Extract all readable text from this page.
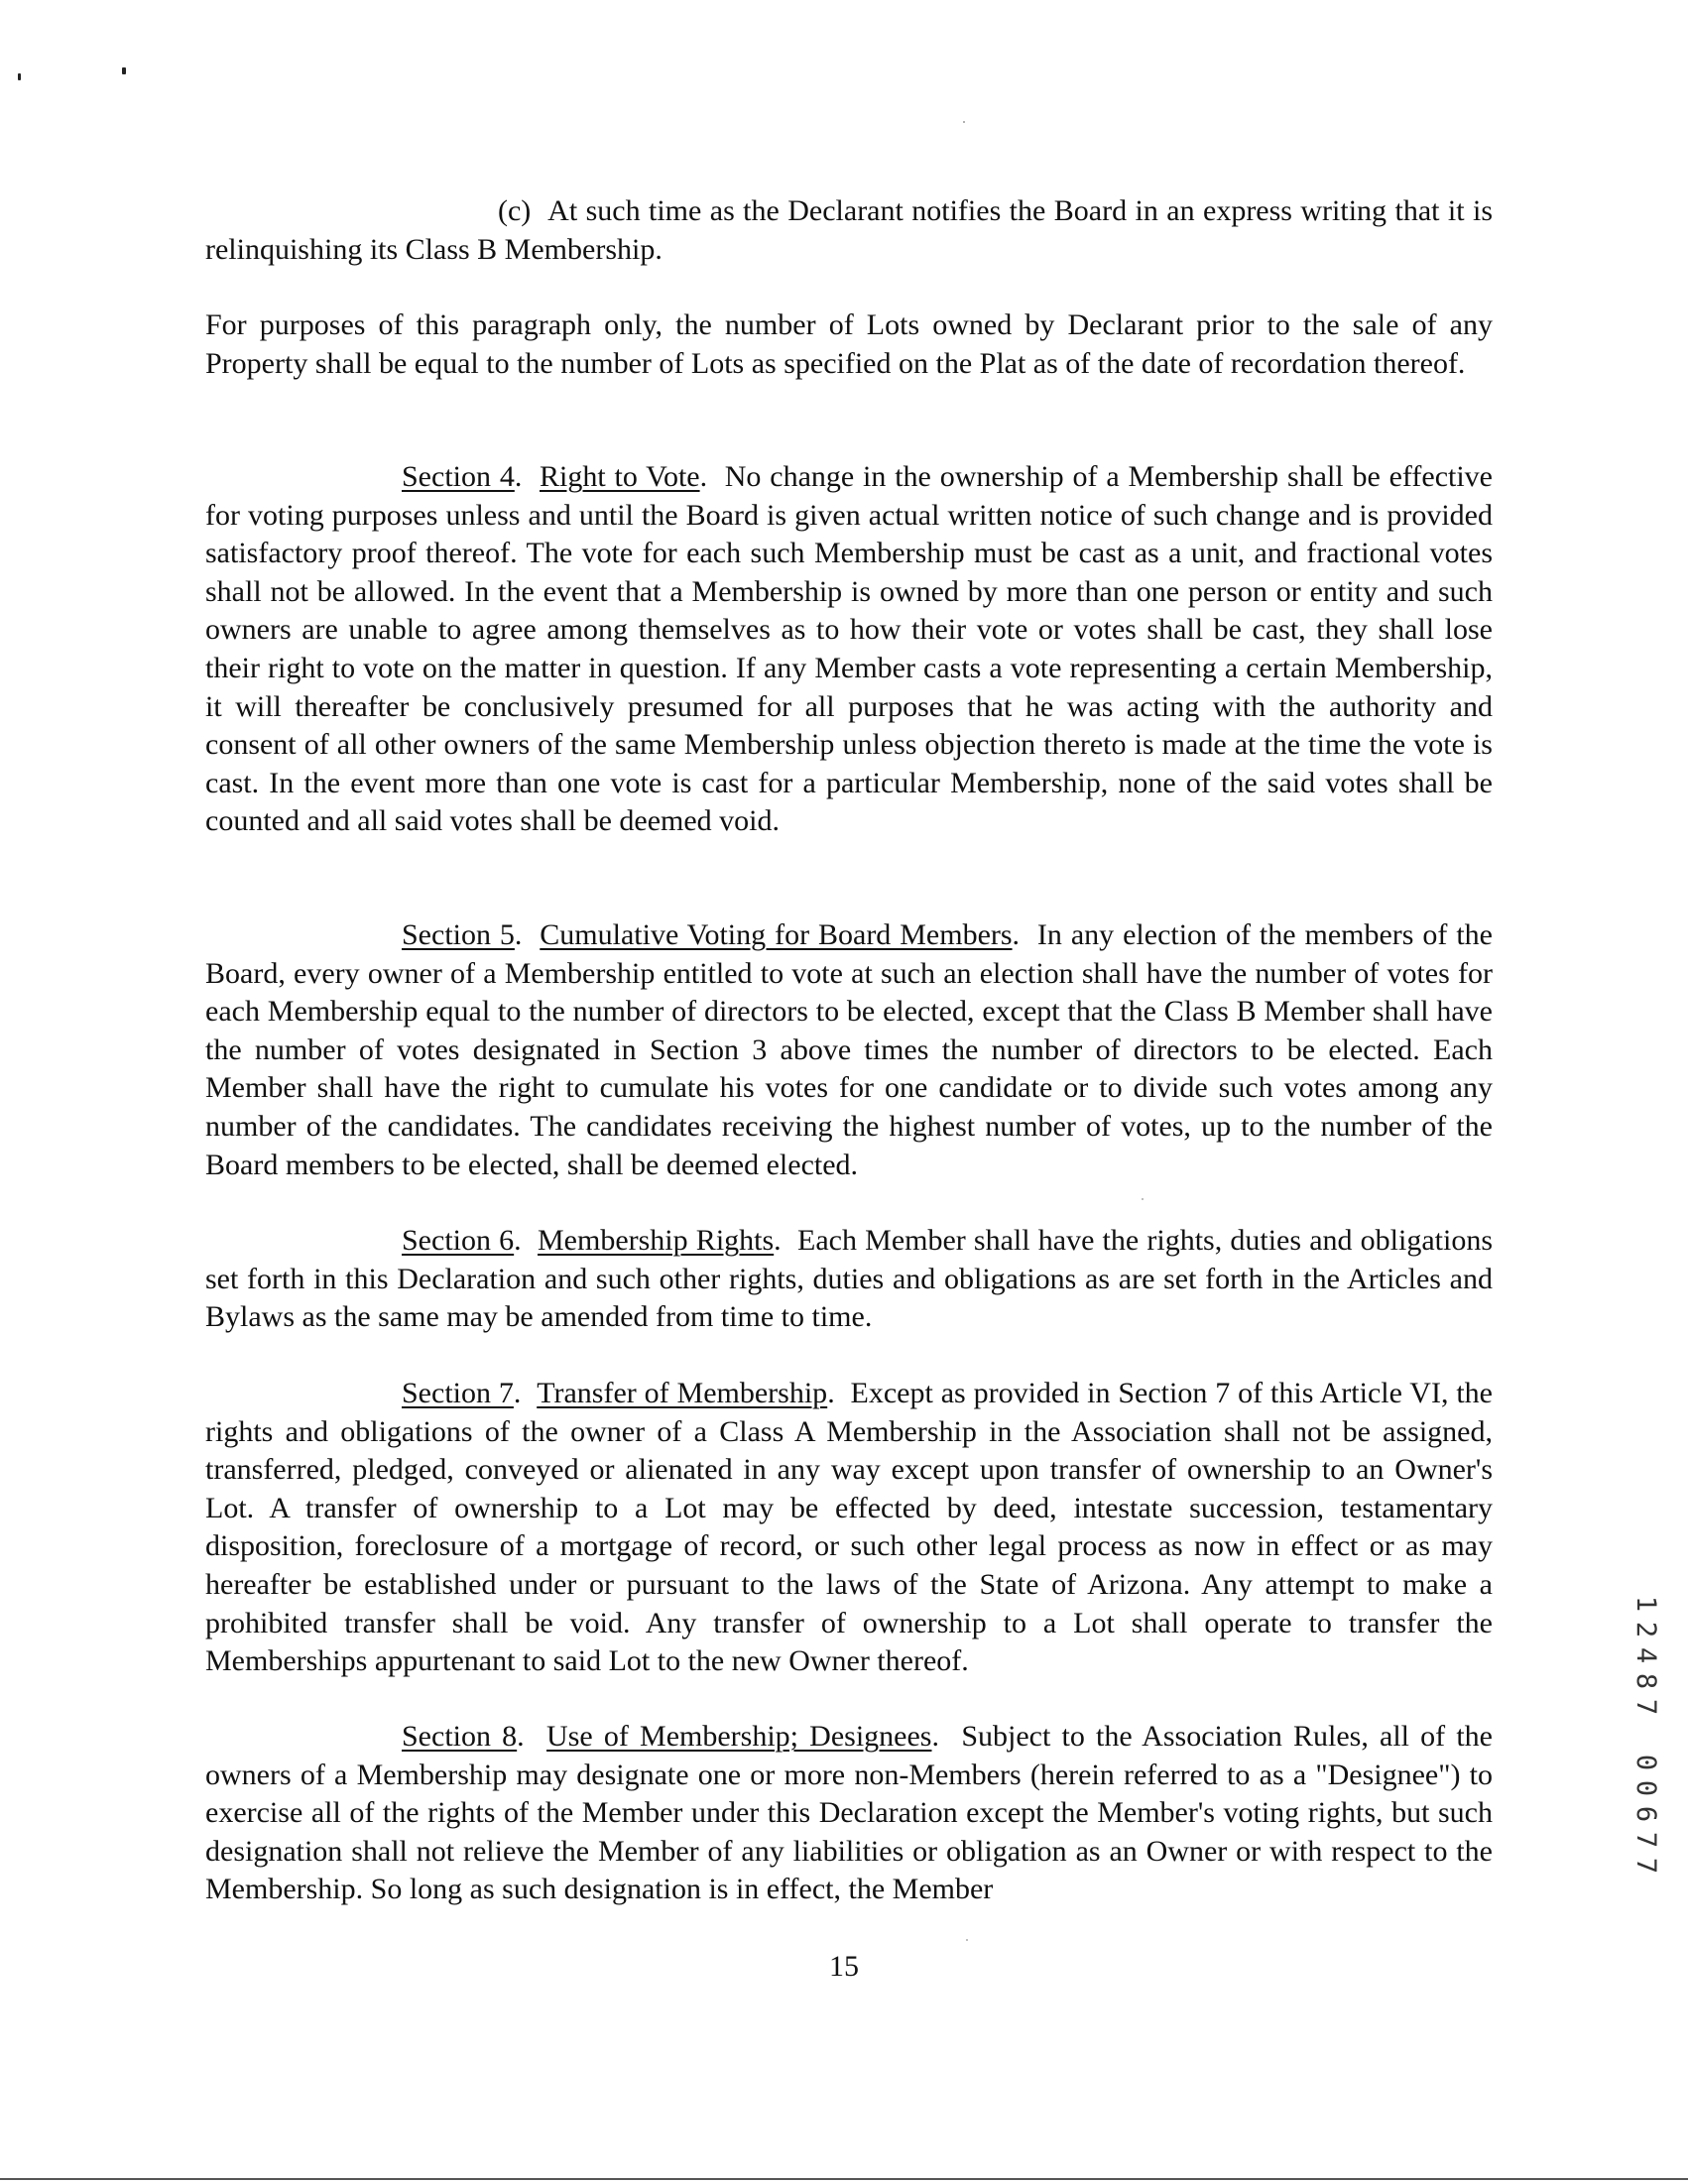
(c) At such time as the Declarant notifies the Board in an express writing that it is relinquishing its Class B Membership.
For purposes of this paragraph only, the number of Lots owned by Declarant prior to the sale of any Property shall be equal to the number of Lots as specified on the Plat as of the date of recordation thereof.
Section 4.  Right to Vote.  No change in the ownership of a Membership shall be effective for voting purposes unless and until the Board is given actual written notice of such change and is provided satisfactory proof thereof. The vote for each such Membership must be cast as a unit, and fractional votes shall not be allowed. In the event that a Membership is owned by more than one person or entity and such owners are unable to agree among themselves as to how their vote or votes shall be cast, they shall lose their right to vote on the matter in question. If any Member casts a vote representing a certain Membership, it will thereafter be conclusively presumed for all purposes that he was acting with the authority and consent of all other owners of the same Membership unless objection thereto is made at the time the vote is cast. In the event more than one vote is cast for a particular Membership, none of the said votes shall be counted and all said votes shall be deemed void.
Section 5.  Cumulative Voting for Board Members.  In any election of the members of the Board, every owner of a Membership entitled to vote at such an election shall have the number of votes for each Membership equal to the number of directors to be elected, except that the Class B Member shall have the number of votes designated in Section 3 above times the number of directors to be elected. Each Member shall have the right to cumulate his votes for one candidate or to divide such votes among any number of the candidates. The candidates receiving the highest number of votes, up to the number of the Board members to be elected, shall be deemed elected.
Section 6.  Membership Rights.  Each Member shall have the rights, duties and obligations set forth in this Declaration and such other rights, duties and obligations as are set forth in the Articles and Bylaws as the same may be amended from time to time.
Section 7.  Transfer of Membership.  Except as provided in Section 7 of this Article VI, the rights and obligations of the owner of a Class A Membership in the Association shall not be assigned, transferred, pledged, conveyed or alienated in any way except upon transfer of ownership to an Owner's Lot. A transfer of ownership to a Lot may be effected by deed, intestate succession, testamentary disposition, foreclosure of a mortgage of record, or such other legal process as now in effect or as may hereafter be established under or pursuant to the laws of the State of Arizona. Any attempt to make a prohibited transfer shall be void. Any transfer of ownership to a Lot shall operate to transfer the Memberships appurtenant to said Lot to the new Owner thereof.
Section 8.  Use of Membership; Designees.  Subject to the Association Rules, all of the owners of a Membership may designate one or more non-Members (herein referred to as a "Designee") to exercise all of the rights of the Member under this Declaration except the Member's voting rights, but such designation shall not relieve the Member of any liabilities or obligation as an Owner or with respect to the Membership. So long as such designation is in effect, the Member
15
1
2
4
8
7
0
0
6
7
7
